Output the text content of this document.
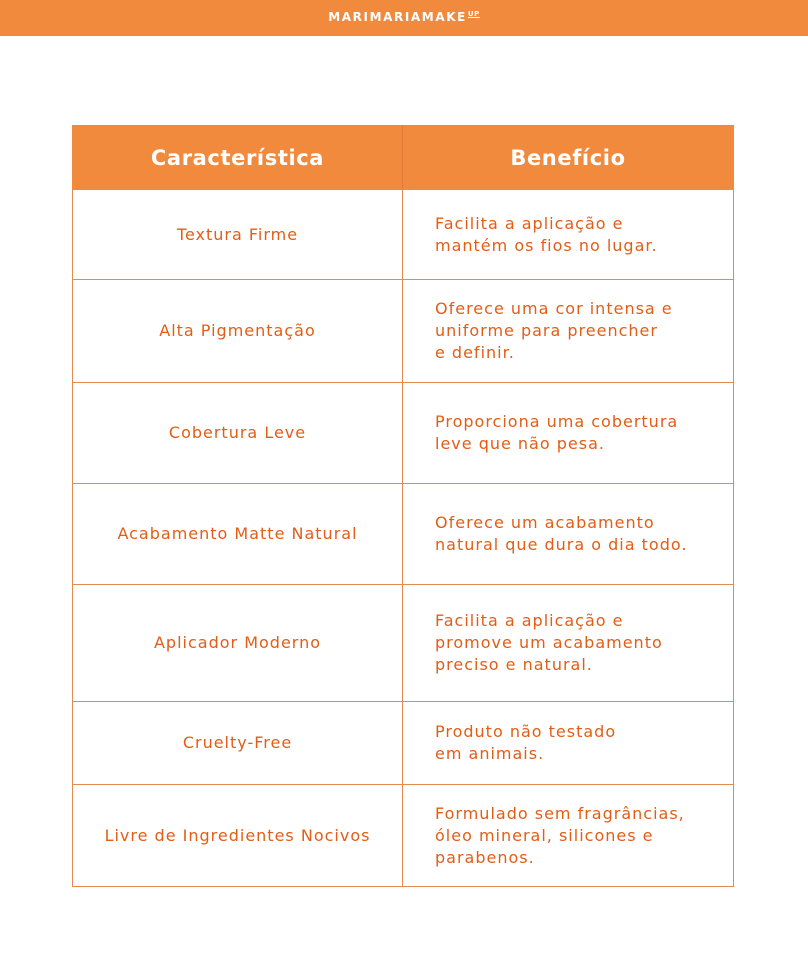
$MARIMARIAMAKE^{UP}$
Característica	Benefício
Textura Firme	Facilita a aplicação e
mantém os fios no lugar.
Alta Pigmentação	Oferece uma cor intensa e
uniforme para preencher
e definir.
Cobertura Leve	Proporciona uma cobertura
leve que não pesa.
Acabamento Matte Natural	Oferece um acabamento
natural que dura o dia todo.
Aplicador Moderno	Facilita a aplicação e
promove um acabamento
preciso e natural.
Cruelty-Free	Produto não testado
em animais.
Livre de Ingredientes Nocivos	Formulado sem fragrâncias,
óleo mineral, silicones e
parabenos.
